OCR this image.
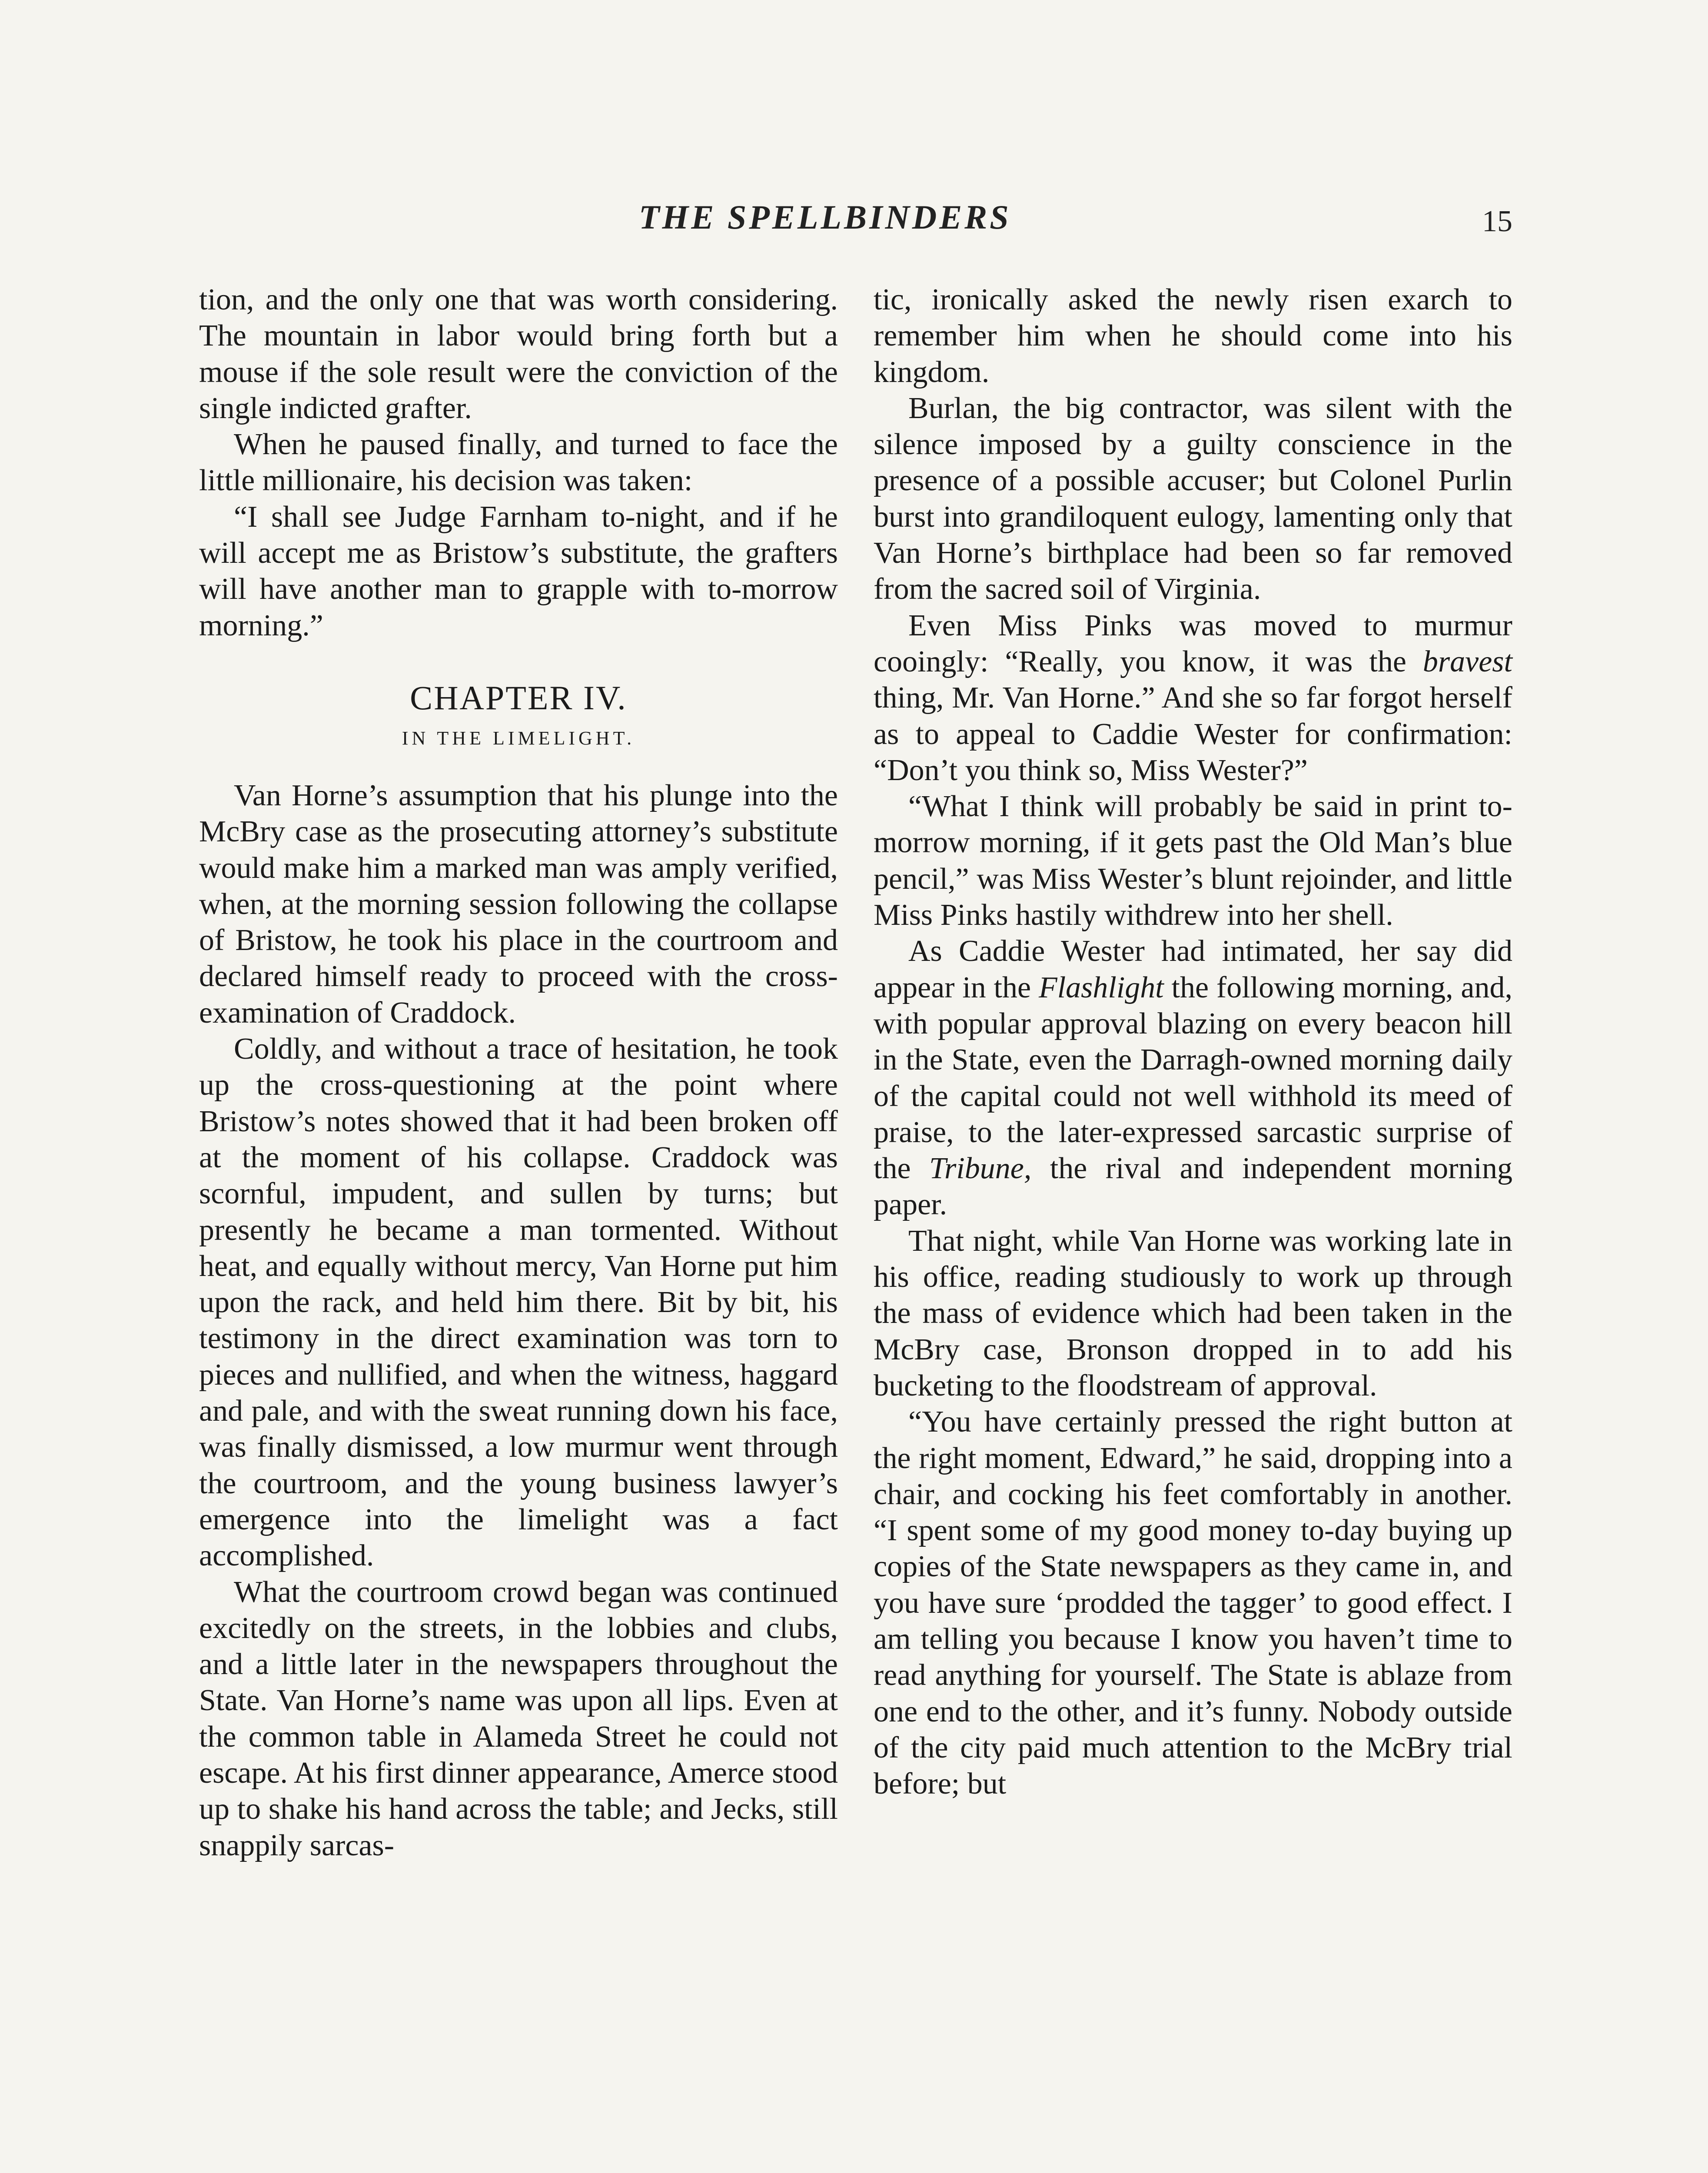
THE SPELLBINDERS	15

tion, and the only one that was worth considering. The mountain in labor would bring forth but a mouse if the sole result were the conviction of the single indicted grafter.

When he paused finally, and turned to face the little millionaire, his decision was taken:

“I shall see Judge Farnham to-night, and if he will accept me as Bristow’s substitute, the grafters will have another man to grapple with to-morrow morning.”

CHAPTER IV.
IN THE LIMELIGHT.

Van Horne’s assumption that his plunge into the McBry case as the prosecuting attorney’s substitute would make him a marked man was amply verified, when, at the morning session following the collapse of Bristow, he took his place in the courtroom and declared himself ready to proceed with the cross-examination of Craddock.

Coldly, and without a trace of hesitation, he took up the cross-questioning at the point where Bristow’s notes showed that it had been broken off at the moment of his collapse. Craddock was scornful, impudent, and sullen by turns; but presently he became a man tormented. Without heat, and equally without mercy, Van Horne put him upon the rack, and held him there. Bit by bit, his testimony in the direct examination was torn to pieces and nullified, and when the witness, haggard and pale, and with the sweat running down his face, was finally dismissed, a low murmur went through the courtroom, and the young business lawyer’s emergence into the limelight was a fact accomplished.

What the courtroom crowd began was continued excitedly on the streets, in the lobbies and clubs, and a little later in the newspapers throughout the State. Van Horne’s name was upon all lips. Even at the common table in Alameda Street he could not escape. At his first dinner appearance, Amerce stood up to shake his hand across the table; and Jecks, still snappily sarcas-

tic, ironically asked the newly risen exarch to remember him when he should come into his kingdom.

Burlan, the big contractor, was silent with the silence imposed by a guilty conscience in the presence of a possible accuser; but Colonel Purlin burst into grandiloquent eulogy, lamenting only that Van Horne’s birthplace had been so far removed from the sacred soil of Virginia.

Even Miss Pinks was moved to murmur cooingly: “Really, you know, it was the bravest thing, Mr. Van Horne.” And she so far forgot herself as to appeal to Caddie Wester for confirmation: “Don’t you think so, Miss Wester?”

“What I think will probably be said in print to-morrow morning, if it gets past the Old Man’s blue pencil,” was Miss Wester’s blunt rejoinder, and little Miss Pinks hastily withdrew into her shell.

As Caddie Wester had intimated, her say did appear in the Flashlight the following morning, and, with popular approval blazing on every beacon hill in the State, even the Darragh-owned morning daily of the capital could not well withhold its meed of praise, to the later-expressed sarcastic surprise of the Tribune, the rival and independent morning paper.

That night, while Van Horne was working late in his office, reading studiously to work up through the mass of evidence which had been taken in the McBry case, Bronson dropped in to add his bucketing to the floodstream of approval.

“You have certainly pressed the right button at the right moment, Edward,” he said, dropping into a chair, and cocking his feet comfortably in another. “I spent some of my good money to-day buying up copies of the State newspapers as they came in, and you have sure ‘prodded the tagger’ to good effect. I am telling you because I know you haven’t time to read anything for yourself. The State is ablaze from one end to the other, and it’s funny. Nobody outside of the city paid much attention to the McBry trial before; but
